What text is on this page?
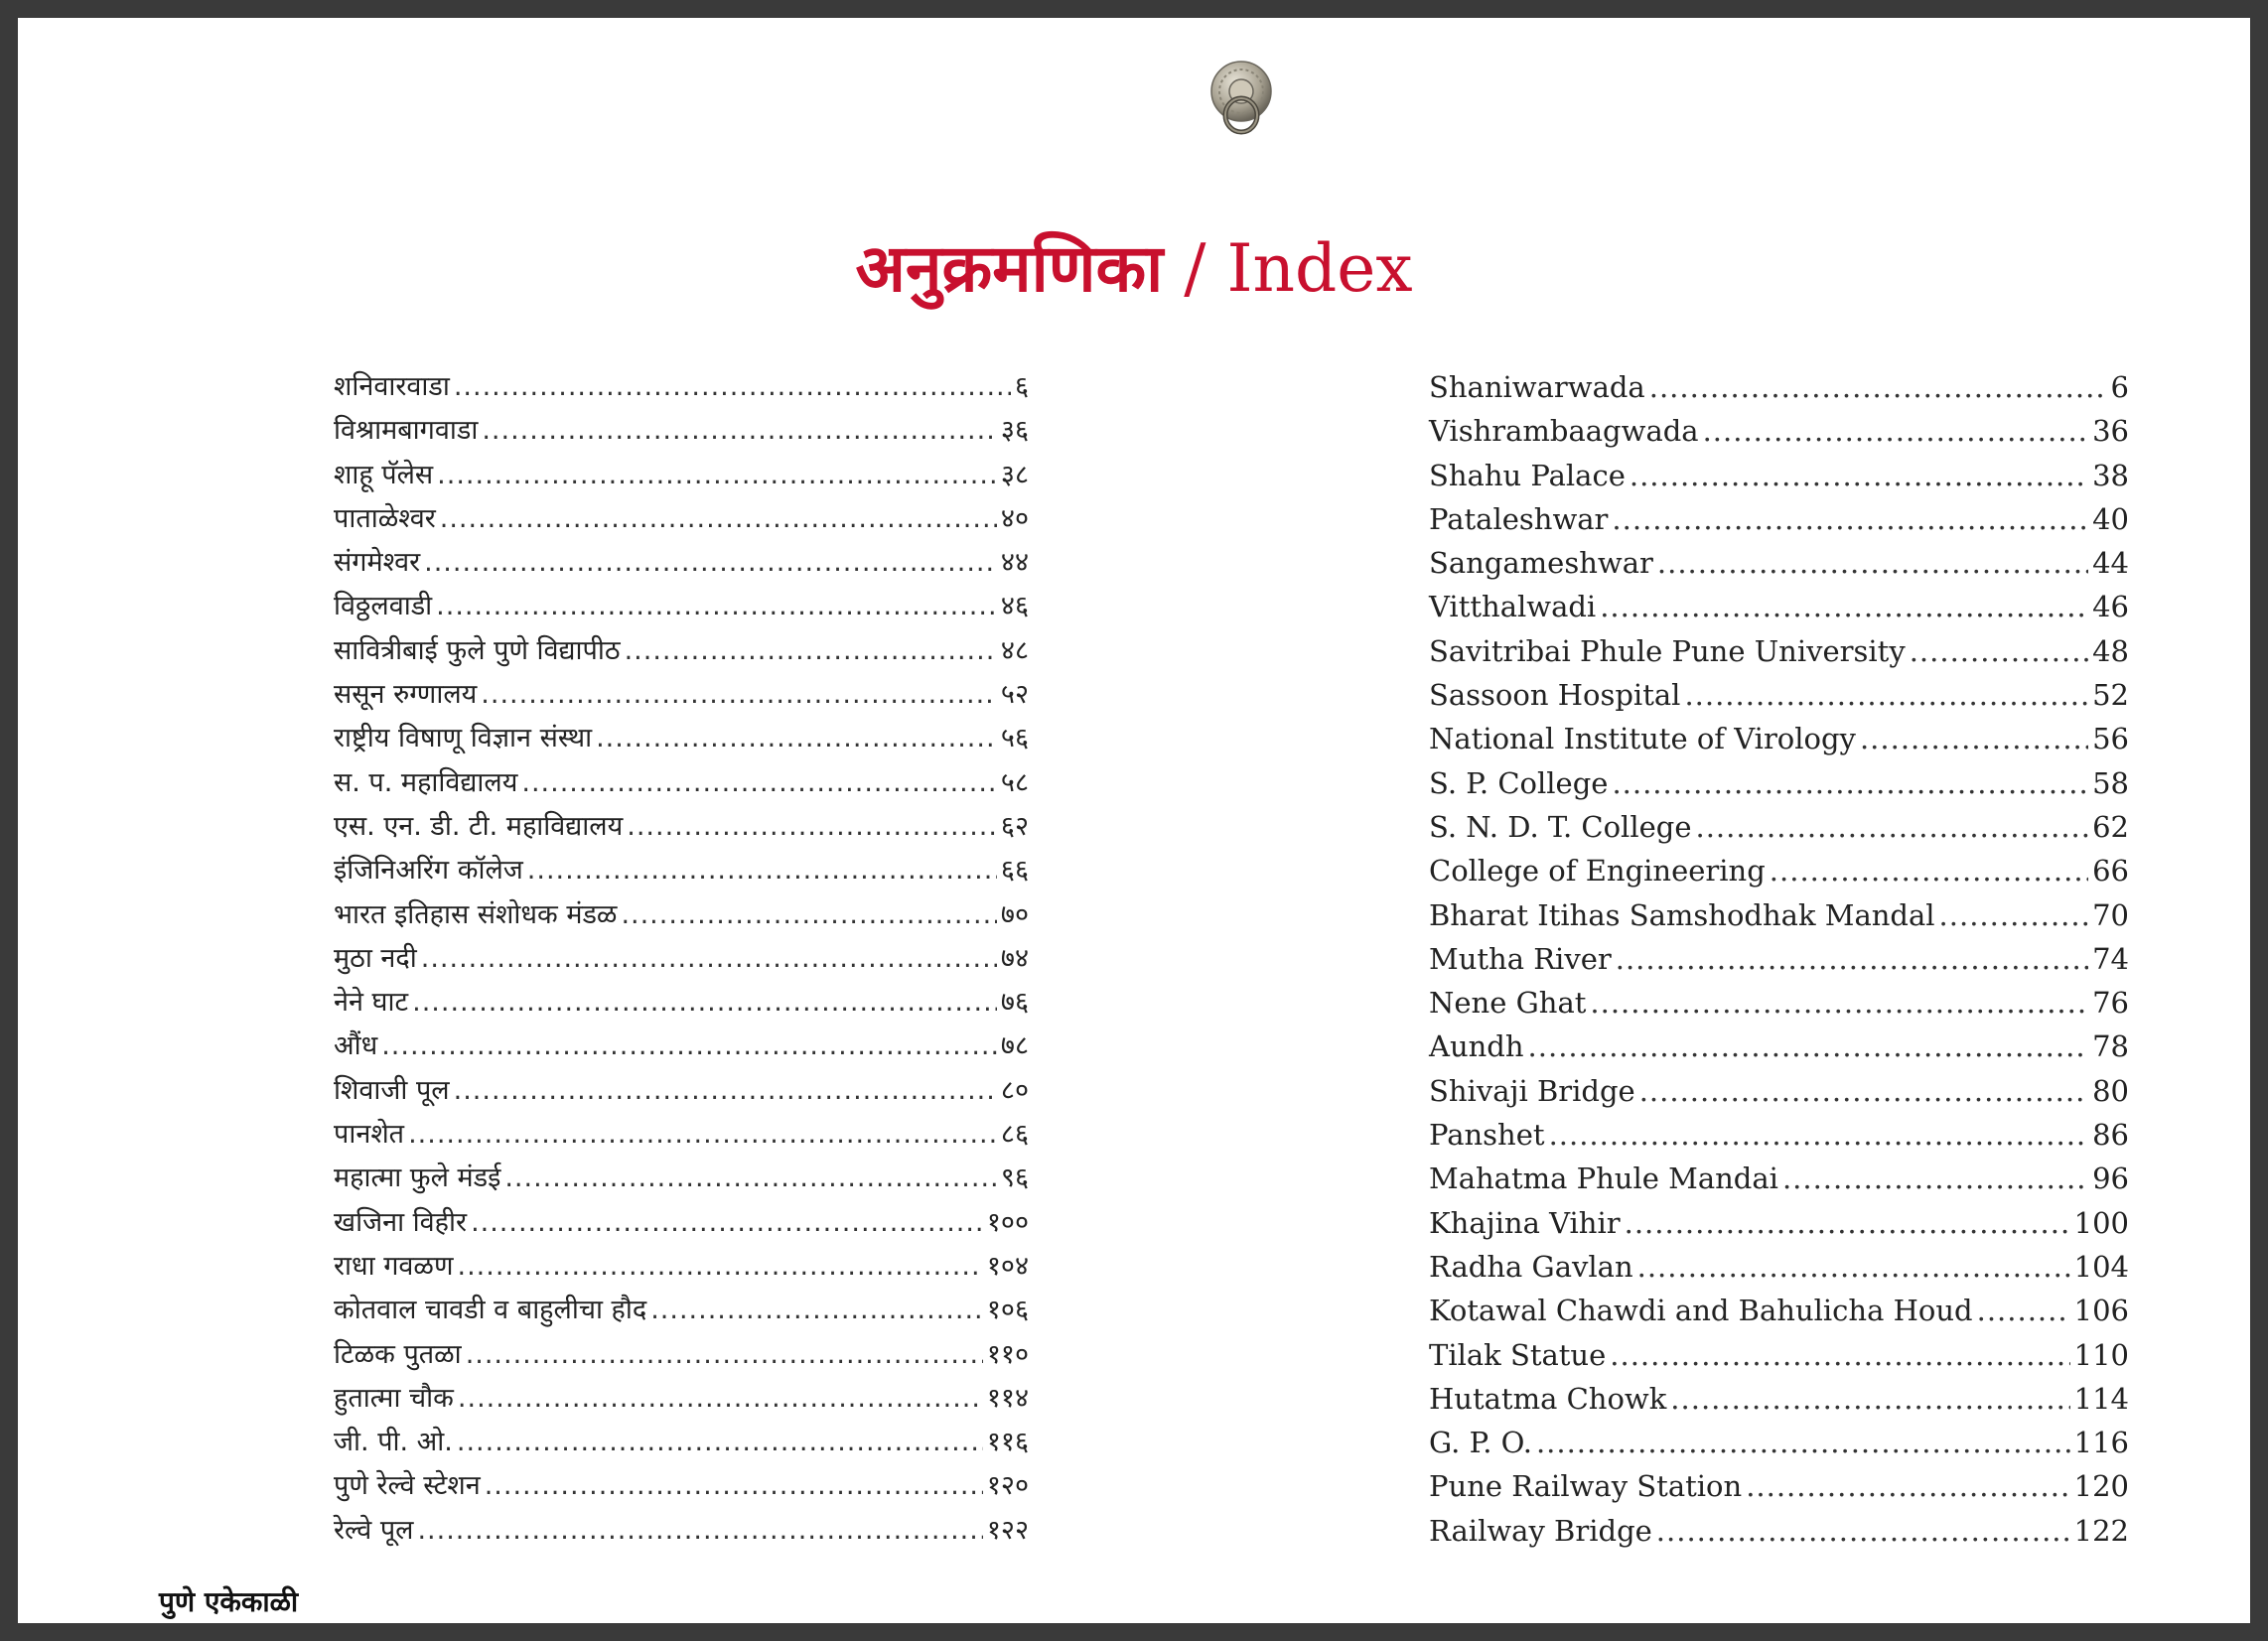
अनुक्रमणिका / Index
शनिवारवाडा .....	६
विश्रामबागवाडा .....	३६
शाहू पॅलेस .....	३८
पाताळेश्वर .....	४०
संगमेश्वर .....	४४
विठ्ठलवाडी .....	४६
सावित्रीबाई फुले पुणे विद्यापीठ .....	४८
ससून रुग्णालय .....	५२
राष्ट्रीय विषाणू विज्ञान संस्था .....	५६
स. प. महाविद्यालय .....	५८
एस. एन. डी. टी. महाविद्यालय .....	६२
इंजिनिअरिंग कॉलेज .....	६६
भारत इतिहास संशोधक मंडळ .....	७०
मुठा नदी .....	७४
नेने घाट .....	७६
औंध .....	७८
शिवाजी पूल .....	८०
पानशेत .....	८६
महात्मा फुले मंडई .....	९६
खजिना विहीर .....	१००
राधा गवळण .....	१०४
कोतवाल चावडी व बाहुलीचा हौद .....	१०६
टिळक पुतळा .....	११०
हुतात्मा चौक .....	११४
जी. पी. ओ. .....	११६
पुणे रेल्वे स्टेशन .....	१२०
रेल्वे पूल .....	१२२
Shaniwarwada .....	6
Vishrambaagwada .....	36
Shahu Palace .....	38
Pataleshwar .....	40
Sangameshwar .....	44
Vitthalwadi .....	46
Savitribai Phule Pune University .....	48
Sassoon Hospital .....	52
National Institute of Virology .....	56
S. P. College .....	58
S. N. D. T. College .....	62
College of Engineering .....	66
Bharat Itihas Samshodhak Mandal .....	70
Mutha River .....	74
Nene Ghat .....	76
Aundh .....	78
Shivaji Bridge .....	80
Panshet .....	86
Mahatma Phule Mandai .....	96
Khajina Vihir .....	100
Radha Gavlan .....	104
Kotawal Chawdi and Bahulicha Houd .....	106
Tilak Statue .....	110
Hutatma Chowk .....	114
G. P. O. .....	116
Pune Railway Station .....	120
Railway Bridge .....	122
पुणे एकेकाळी
